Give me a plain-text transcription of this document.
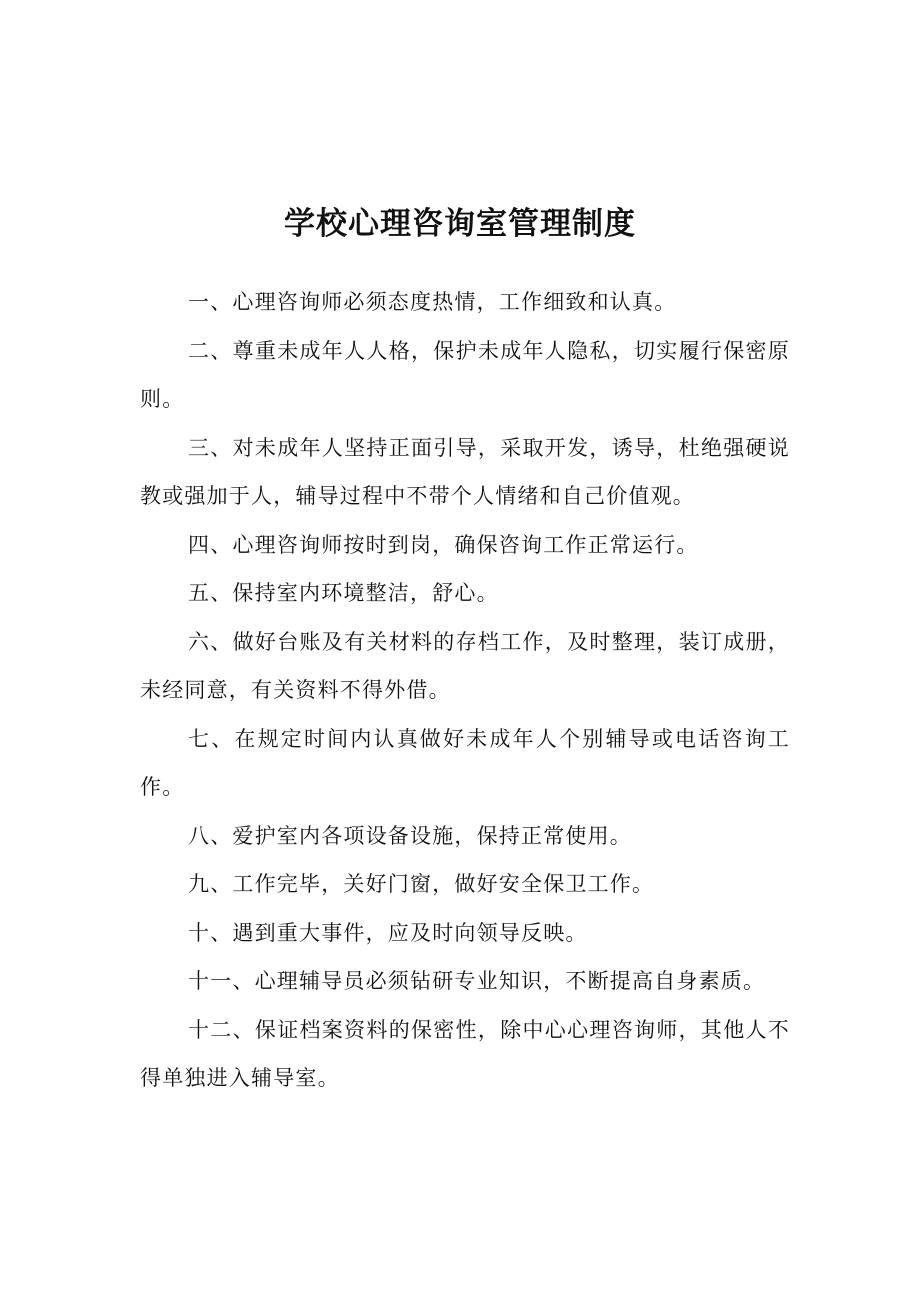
学校心理咨询室管理制度

一、心理咨询师必须态度热情，工作细致和认真。

二、尊重未成年人人格，保护未成年人隐私，切实履行保密原则。

三、对未成年人坚持正面引导，采取开发，诱导，杜绝强硬说教或强加于人，辅导过程中不带个人情绪和自己价值观。

四、心理咨询师按时到岗，确保咨询工作正常运行。

五、保持室内环境整洁，舒心。

六、做好台账及有关材料的存档工作，及时整理，装订成册，未经同意，有关资料不得外借。

七、在规定时间内认真做好未成年人个别辅导或电话咨询工作。

八、爱护室内各项设备设施，保持正常使用。

九、工作完毕，关好门窗，做好安全保卫工作。

十、遇到重大事件，应及时向领导反映。

十一、心理辅导员必须钻研专业知识，不断提高自身素质。

十二、保证档案资料的保密性，除中心心理咨询师，其他人不得单独进入辅导室。
